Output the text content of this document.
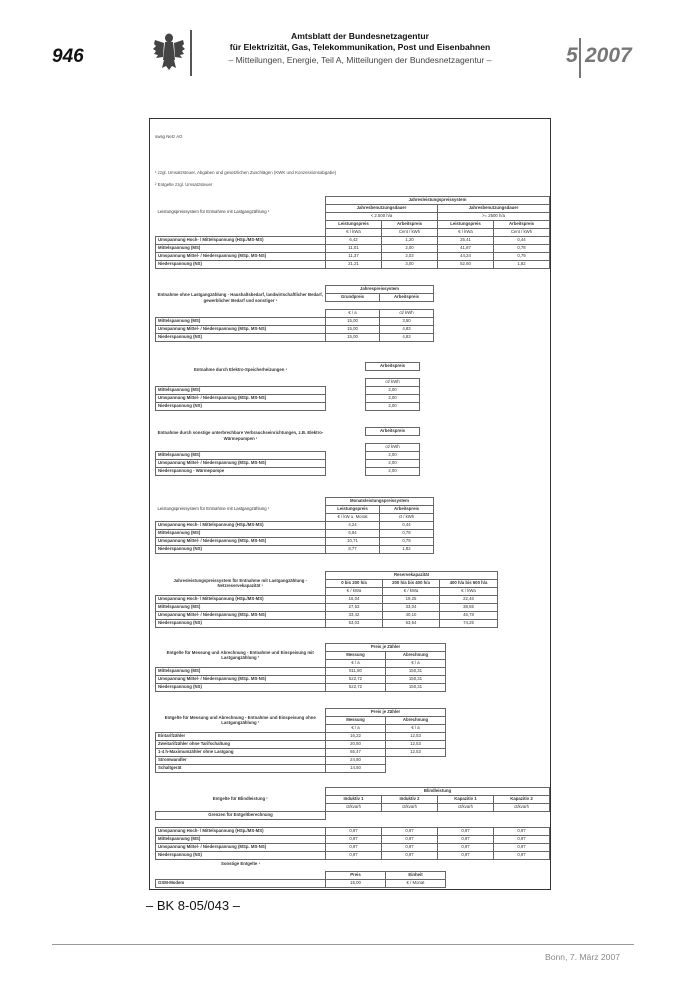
946
Amtsblatt der Bundesnetzagentur
für Elektrizität, Gas, Telekommunikation, Post und Eisenbahnen
– Mitteilungen, Energie, Teil A, Mitteilungen der Bundesnetzagentur –	5 2007
swsg Netz AG
¹ zzgl. Umsatzsteuer, Abgaben und gesetzlichen Zuschlägen (KWK und Konzessionsabgabe)
² Entgelte zzgl. Umsatzsteuer
Leistungspreissystem für Entnahme mit Lastgangzählung ¹	Jahresleistungspreissystem			
	Jahresbenutzungsdauer		Jahresbenutzungsdauer	
	< 2.500 h/a		>= 2500 h/a	
	Leistungspreis	Arbeitspreis	Leistungspreis	Arbeitspreis
	€ / kWa	Cent / kWh	€ / kWa	Cent / kWh
Umspannung Hoch- / Mittelspannung (HSp./MS-MS)	6,42	1,20	25,41	0,44
Mittelspannung (MS)	11,01	2,00	41,87	0,78
Umspannung Mittel- / Niederspannung (MSp. MS-NS)	11,37	2,03	44,24	0,79
Niederspannung (NS)	21,21	3,00	52,60	1,82
Entnahme ohne Lastgangzählung - Haushaltsbedarf, landwirtschaftlicher Bedarf, gewerblicher Bedarf und sonstiger ¹	Jahrespreissystem	
	Grundpreis	Arbeitspreis

	€ / a	ct/ kWh
Mittelspannung (MS)	15,00	3,50
Umspannung Mittel- / Niederspannung (MSp. MS-NS)	15,00	4,83
Niederspannung (NS)	15,00	4,83
Entnahme durch Elektro-Speicherheizungen ¹		Arbeitspreis

		ct/ kWh
Mittelspannung (MS)		2,00
Umspannung Mittel- / Niederspannung (MSp. MS-NS)		2,00
Niederspannung (NS)		2,00
Entnahme durch sonstige unterbrechbare Verbrauchseinrichtungen, z.B. Elektro-Wärmepumpen ¹		Arbeitspreis

		ct/ kWh
Mittelspannung (MS)		2,00
Umspannung Mittel- / Niederspannung (MSp. MS-NS)		2,00
Niederspannung - Wärmepumpe		2,00
Leistungspreissystem für Entnahme mit Lastgangzählung ¹	Monatsleistungspreissystem	
	Leistungspreis	Arbeitspreis
	€ / kW u. Monat	ct / kWh
Umspannung Hoch- / Mittelspannung (HSp./MS-MS)	4,24	0,44
Mittelspannung (MS)	6,94	0,78
Umspannung Mittel- / Niederspannung (MSp. MS-NS)	10,71	0,79
Niederspannung (NS)	8,77	1,82
Jahresleistungspreissystem für Entnahme mit Lastgangzählung - Netzreservekapazität ¹	Reservekapazität		
	0 bis 200 h/a	200 h/a bis 400 h/a	400 h/a bis 600 h/a
	€ / kWa	€ / kWa	€ / kWa
Umspannung Hoch- / Mittelspannung (HSp./MS-MS)	16,04	19,25	22,46
Mittelspannung (MS)	27,53	33,04	38,55
Umspannung Mittel- / Niederspannung (MSp. MS-NS)	33,42	40,10	46,78
Niederspannung (NS)	53,03	63,64	74,25
Entgelte für Messung und Abrechnung - Entnahme und Einspeisung mit Lastgangzählung ²	Preis je Zähler	
	Messung	Abrechnung
	€ / a	€ / a
Mittelspannung (MS)	811,80	150,31
Umspannung Mittel- / Niederspannung (MSp. MS-NS)	522,72	150,31
Niederspannung (NS)	522,72	150,31
Entgelte für Messung und Abrechnung - Entnahme und Einspeisung ohne Lastgangzählung ²	Preis je Zähler	
	Messung	Abrechnung
	€ / a	€ / a
Eintarifzähler	16,22	12,53
Zweitarifzähler ohne Tarifschaltung	20,50	12,53
1-4 h-Maximumzähler ohne Lastgang	65,47	12,53
Stromwandler	24,80	
Schaltgerät	14,50	
Entgelte für Blindleistung ¹	Blindleistung			
	Induktiv 1	Induktiv 2	Kapazitiv 1	Kapazitiv 2
	ct/kvarh	ct/kvarh	ct/kvarh	ct/kvarh
Grenzen für Entgeltberechnung				

Umspannung Hoch- / Mittelspannung (HSp./MS-MS)	0,97	0,97	0,97	0,97
Mittelspannung (MS)	0,97	0,97	0,97	0,97
Umspannung Mittel- / Niederspannung (MSp. MS-NS)	0,97	0,97	0,97	0,97
Niederspannung (NS)	0,97	0,97	0,97	0,97
Sonstige Entgelte ¹		

	Preis	Einheit
GSM-Modem	15,00	€ / Monat
– BK 8-05/043 –
Bonn, 7. März 2007
